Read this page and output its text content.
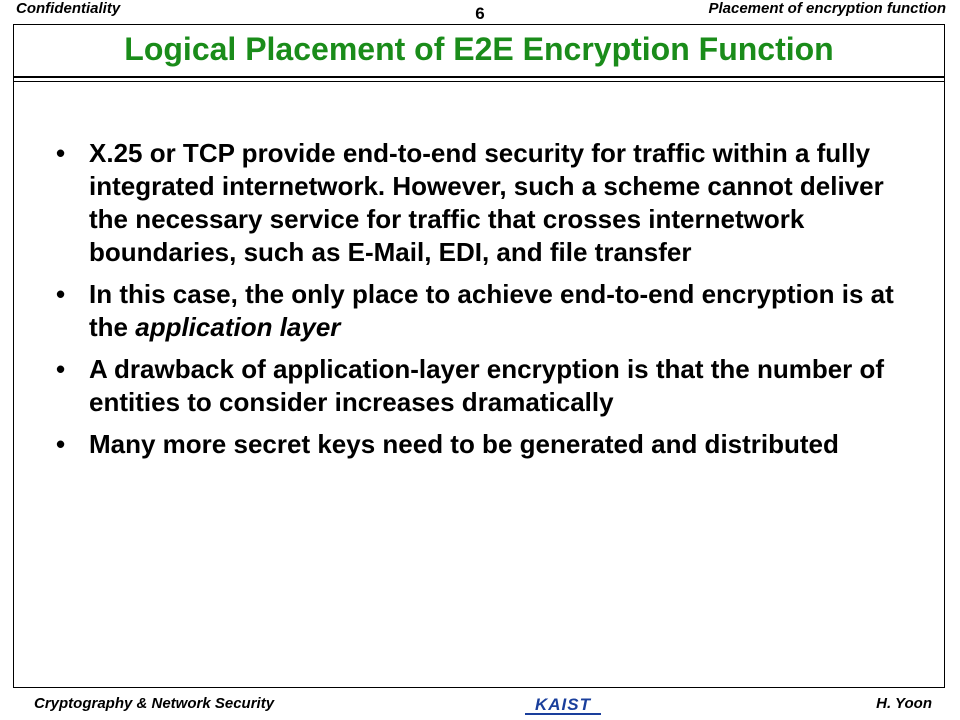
Confidentiality	6	Placement of encryption function
Logical Placement of E2E Encryption Function
• X.25 or TCP provide end-to-end security for traffic within a fully integrated internetwork. However, such a scheme cannot deliver the necessary service for traffic that crosses internetwork boundaries, such as E-Mail, EDI, and file transfer
• In this case, the only place to achieve end-to-end encryption is at the application layer
• A drawback of application-layer encryption is that the number of entities to consider increases dramatically
• Many more secret keys need to be generated and distributed
Cryptography & Network Security	KAIST	H. Yoon
